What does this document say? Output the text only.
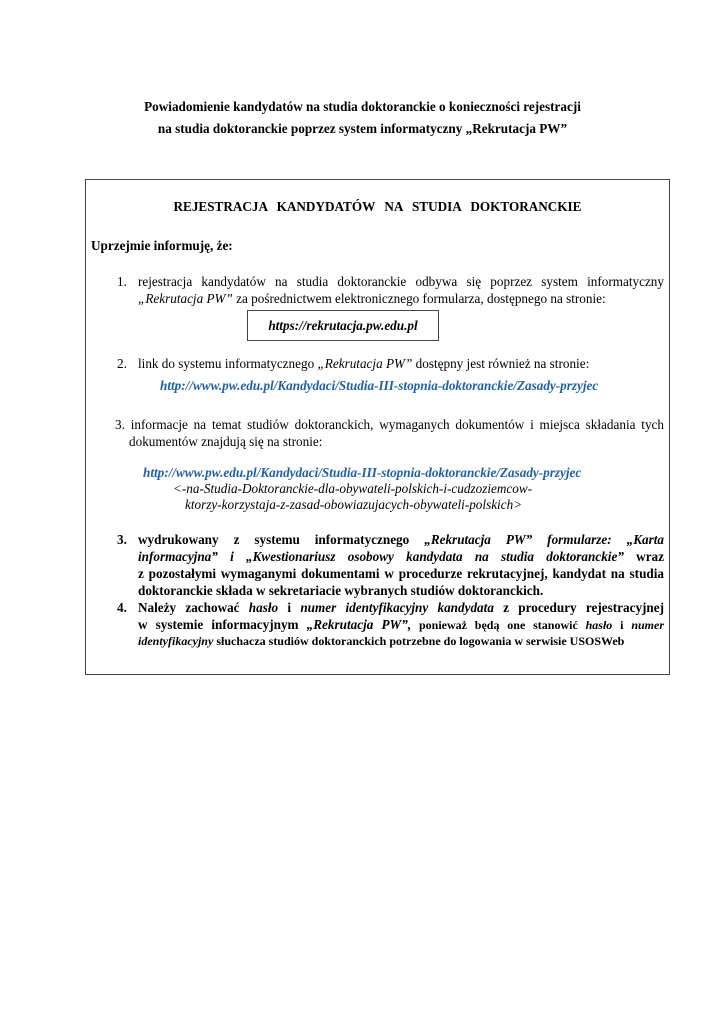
Powiadomienie kandydatów na studia doktoranckie o konieczności rejestracji
na studia doktoranckie poprzez system informatyczny „Rekrutacja PW”
REJESTRACJA KANDYDATÓW NA STUDIA DOKTORANCKIE
Uprzejmie informuję, że:
1. rejestracja kandydatów na studia doktoranckie odbywa się poprzez system informatyczny
„Rekrutacja PW” za pośrednictwem elektronicznego formularza, dostępnego na stronie:
https://rekrutacja.pw.edu.pl
2. link do systemu informatycznego „Rekrutacja PW” dostępny jest również na stronie:
http://www.pw.edu.pl/Kandydaci/Studia-III-stopnia-doktoranckie/Zasady-przyjec
3. informacje na temat studiów doktoranckich, wymaganych dokumentów i miejsca składania tych
dokumentów znajdują się na stronie:
http://www.pw.edu.pl/Kandydaci/Studia-III-stopnia-doktoranckie/Zasady-przyjec
<-na-Studia-Doktoranckie-dla-obywateli-polskich-i-cudzoziemcow-
ktorzy-korzystaja-z-zasad-obowiazujacych-obywateli-polskich>
3. wydrukowany z systemu informatycznego „Rekrutacja PW” formularze: „Karta
informacyjna” i „Kwestionariusz osobowy kandydata na studia doktoranckie” wraz
z pozostałymi wymaganymi dokumentami w procedurze rekrutacyjnej, kandydat na studia
doktoranckie składa w sekretariacie wybranych studiów doktoranckich.
4. Należy zachować hasło i numer identyfikacyjny kandydata z procedury rejestracyjnej
w systemie informacyjnym „Rekrutacja PW”, ponieważ będą one stanowić hasło i numer
identyfikacyjny słuchacza studiów doktoranckich potrzebne do logowania w serwisie USOSWeb
